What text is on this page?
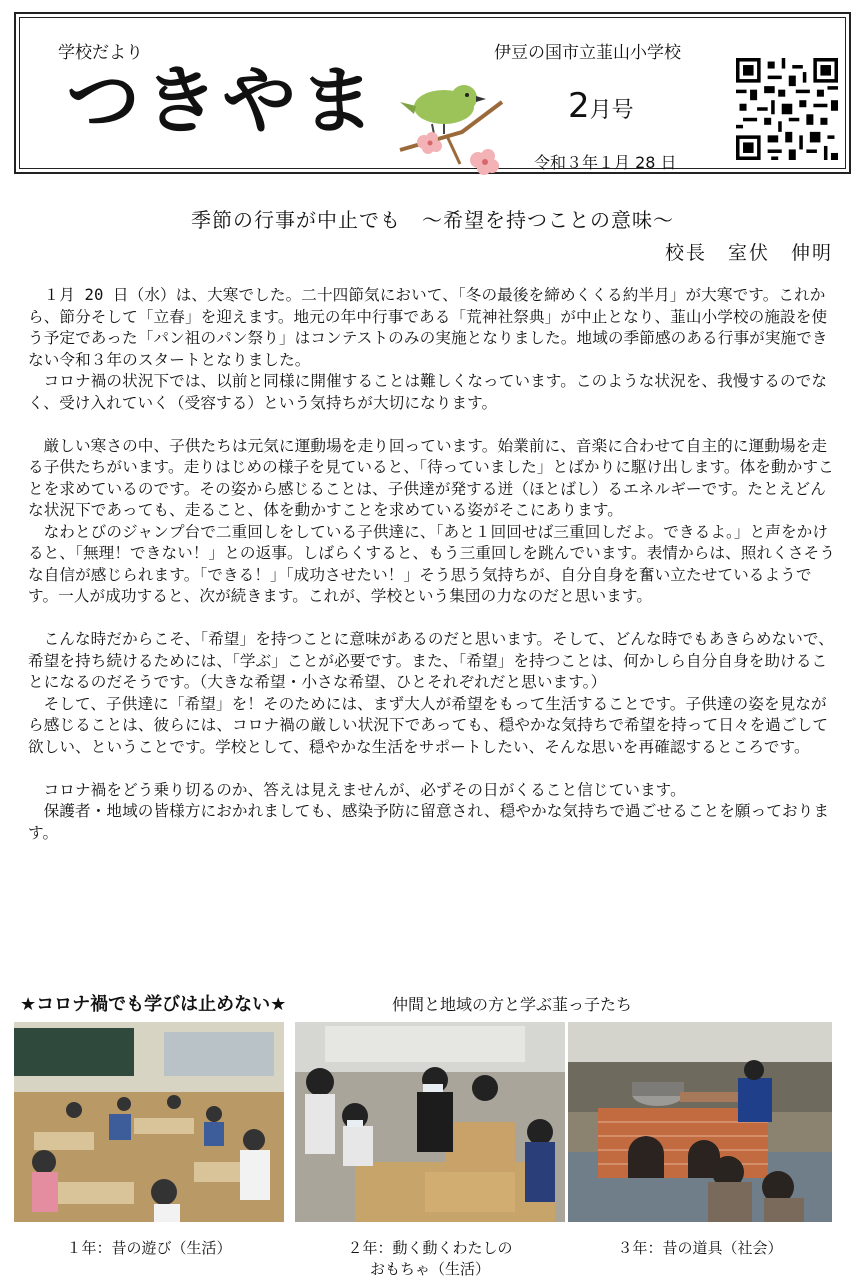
学校だより	伊豆の国市立韮山小学校
つきやま	2月号
令和３年１月 28 日
季節の行事が中止でも　～希望を持つことの意味～
校長　室伏　伸明

１月 20 日（水）は、大寒でした。二十四節気において、「冬の最後を締めくくる約半月」が大寒です。これから、節分そして「立春」を迎えます。地元の年中行事である「荒神社祭典」が中止となり、韮山小学校の施設を使う予定であった「パン祖のパン祭り」はコンテストのみの実施となりました。地域の季節感のある行事が実施できない令和３年のスタートとなりました。

コロナ禍の状況下では、以前と同様に開催することは難しくなっています。このような状況を、我慢するのでなく、受け入れていく（受容する）という気持ちが大切になります。

厳しい寒さの中、子供たちは元気に運動場を走り回っています。始業前に、音楽に合わせて自主的に運動場を走る子供たちがいます。走りはじめの様子を見ていると、「待っていました」とばかりに駆け出します。体を動かすことを求めているのです。その姿から感じることは、子供達が発する迸（ほとばし）るエネルギーです。たとえどんな状況下であっても、走ること、体を動かすことを求めている姿がそこにあります。

なわとびのジャンプ台で二重回しをしている子供達に、「あと１回回せば三重回しだよ。できるよ。」と声をかけると、「無理！できない！」との返事。しばらくすると、もう三重回しを跳んでいます。表情からは、照れくさそうな自信が感じられます。「できる！」「成功させたい！」そう思う気持ちが、自分自身を奮い立たせているようです。一人が成功すると、次が続きます。これが、学校という集団の力なのだと思います。

こんな時だからこそ、「希望」を持つことに意味があるのだと思います。そして、どんな時でもあきらめないで、希望を持ち続けるためには、「学ぶ」ことが必要です。また、「希望」を持つことは、何かしら自分自身を助けることになるのだそうです。（大きな希望・小さな希望、ひとそれぞれだと思います。）

そして、子供達に「希望」を！そのためには、まず大人が希望をもって生活することです。子供達の姿を見ながら感じることは、彼らには、コロナ禍の厳しい状況下であっても、穏やかな気持ちで希望を持って日々を過ごして欲しい、ということです。学校として、穏やかな生活をサポートしたい、そんな思いを再確認するところです。

コロナ禍をどう乗り切るのか、答えは見えませんが、必ずその日がくること信じています。

保護者・地域の皆様方におかれましても、感染予防に留意され、穏やかな気持ちで過ごせることを願っております。

★コロナ禍でも学びは止めない★	仲間と地域の方と学ぶ韮っ子たち
１年：昔の遊び（生活）	２年：動く動くわたしの
おもちゃ（生活）
３年：昔の道具（社会）
